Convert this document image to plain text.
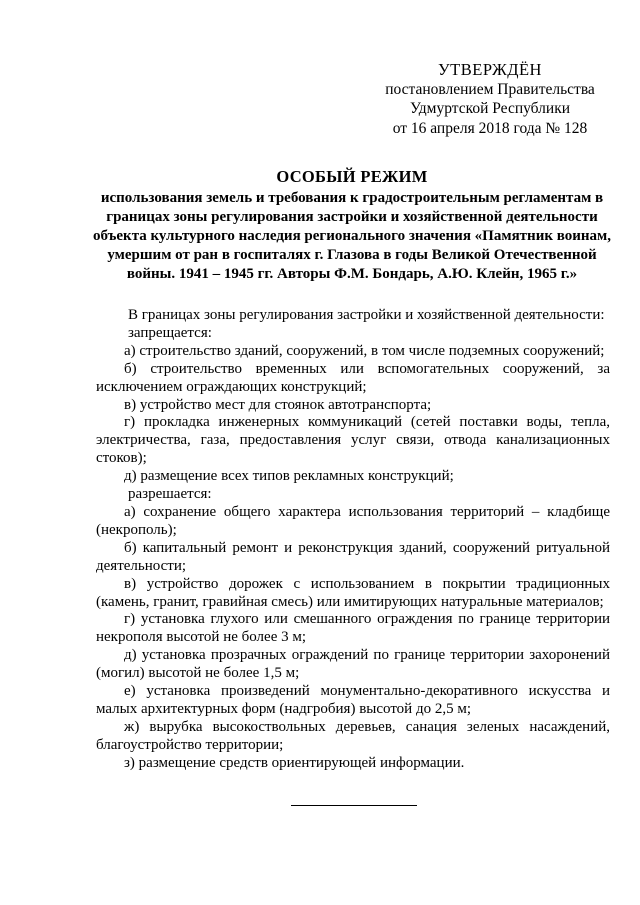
УТВЕРЖДЁН
постановлением Правительства
Удмуртской Республики
от 16 апреля 2018 года № 128
ОСОБЫЙ РЕЖИМ
использования земель и требования к градостроительным регламентам в границах зоны регулирования застройки и хозяйственной деятельности объекта культурного наследия регионального значения «Памятник воинам, умершим от ран в госпиталях г. Глазова в годы Великой Отечественной войны. 1941 – 1945 гг. Авторы Ф.М. Бондарь, А.Ю. Клейн, 1965 г.»

В границах зоны регулирования застройки и хозяйственной деятельности:

запрещается:

а) строительство зданий, сооружений, в том числе подземных сооружений;

б) строительство временных или вспомогательных сооружений, за исключением ограждающих конструкций;

в) устройство мест для стоянок автотранспорта;

г) прокладка инженерных коммуникаций (сетей поставки воды, тепла, электричества, газа, предоставления услуг связи, отвода канализационных стоков);

д) размещение всех типов рекламных конструкций;

разрешается:

а) сохранение общего характера использования территорий – кладбище (некрополь);

б) капитальный ремонт и реконструкция зданий, сооружений ритуальной деятельности;

в) устройство дорожек с использованием в покрытии традиционных (камень, гранит, гравийная смесь) или имитирующих натуральные материалов;

г) установка глухого или смешанного ограждения по границе территории некрополя высотой не более 3 м;

д) установка прозрачных ограждений по границе территории захоронений (могил) высотой не более 1,5 м;

е) установка произведений монументально-декоративного искусства и малых архитектурных форм (надгробия) высотой до 2,5 м;

ж) вырубка высокоствольных деревьев, санация зеленых насаждений, благоустройство территории;

з) размещение средств ориентирующей информации.
